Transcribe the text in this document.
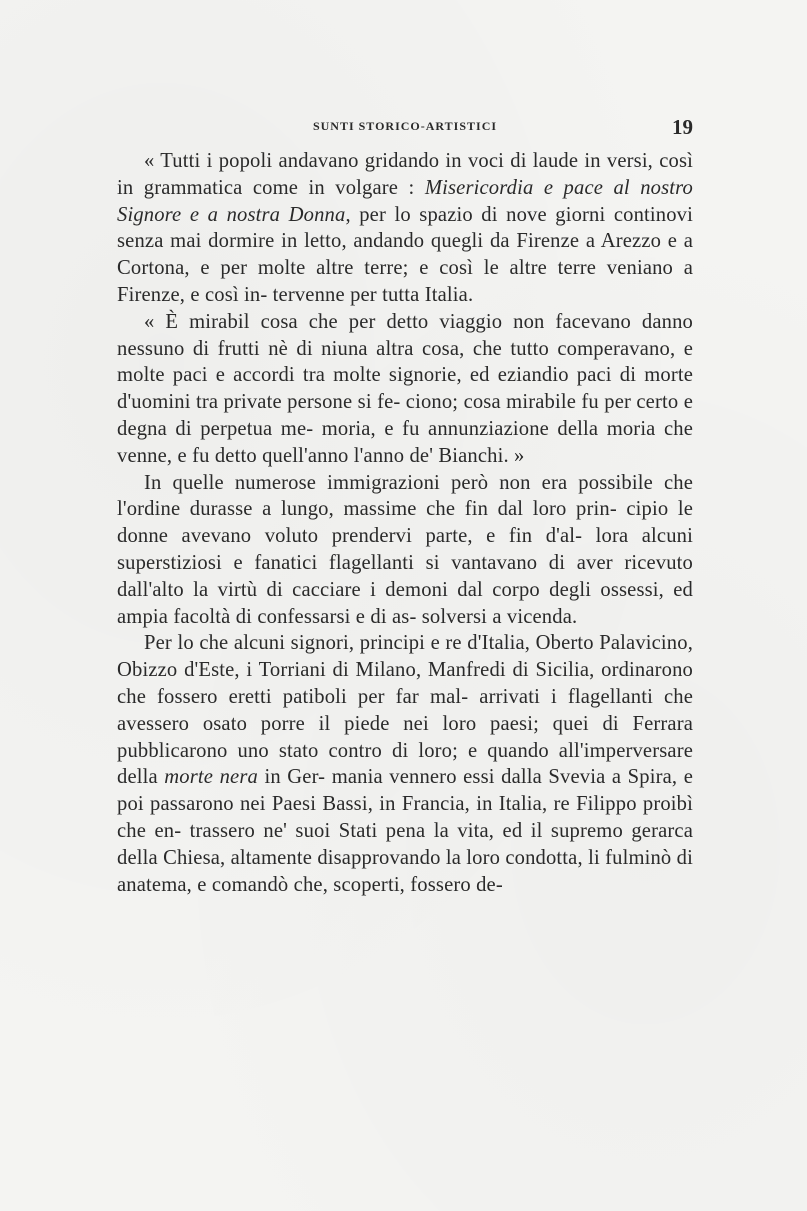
SUNTI STORICO-ARTISTICI	19

« Tutti i popoli andavano gridando in voci di laude in versi, così in grammatica come in volgare : Misericordia e pace al nostro Signore e a nostra Donna, per lo spazio di nove giorni continovi senza mai dormire in letto, andando quegli da Firenze a Arezzo e a Cortona, e per molte altre terre; e così le altre terre veniano a Firenze, e così in- tervenne per tutta Italia.

« È mirabil cosa che per detto viaggio non facevano danno nessuno di frutti nè di niuna altra cosa, che tutto comperavano, e molte paci e accordi tra molte signorie, ed eziandio paci di morte d'uomini tra private persone si fe- ciono; cosa mirabile fu per certo e degna di perpetua me- moria, e fu annunziazione della moria che venne, e fu detto quell'anno l'anno de' Bianchi. »

In quelle numerose immigrazioni però non era possibile che l'ordine durasse a lungo, massime che fin dal loro prin- cipio le donne avevano voluto prendervi parte, e fin d'al- lora alcuni superstiziosi e fanatici flagellanti si vantavano di aver ricevuto dall'alto la virtù di cacciare i demoni dal corpo degli ossessi, ed ampia facoltà di confessarsi e di as- solversi a vicenda.

Per lo che alcuni signori, principi e re d'Italia, Oberto Palavicino, Obizzo d'Este, i Torriani di Milano, Manfredi di Sicilia, ordinarono che fossero eretti patiboli per far mal- arrivati i flagellanti che avessero osato porre il piede nei loro paesi; quei di Ferrara pubblicarono uno stato contro di loro; e quando all'imperversare della morte nera in Ger- mania vennero essi dalla Svevia a Spira, e poi passarono nei Paesi Bassi, in Francia, in Italia, re Filippo proibì che en- trassero ne' suoi Stati pena la vita, ed il supremo gerarca della Chiesa, altamente disapprovando la loro condotta, li fulminò di anatema, e comandò che, scoperti, fossero de-
